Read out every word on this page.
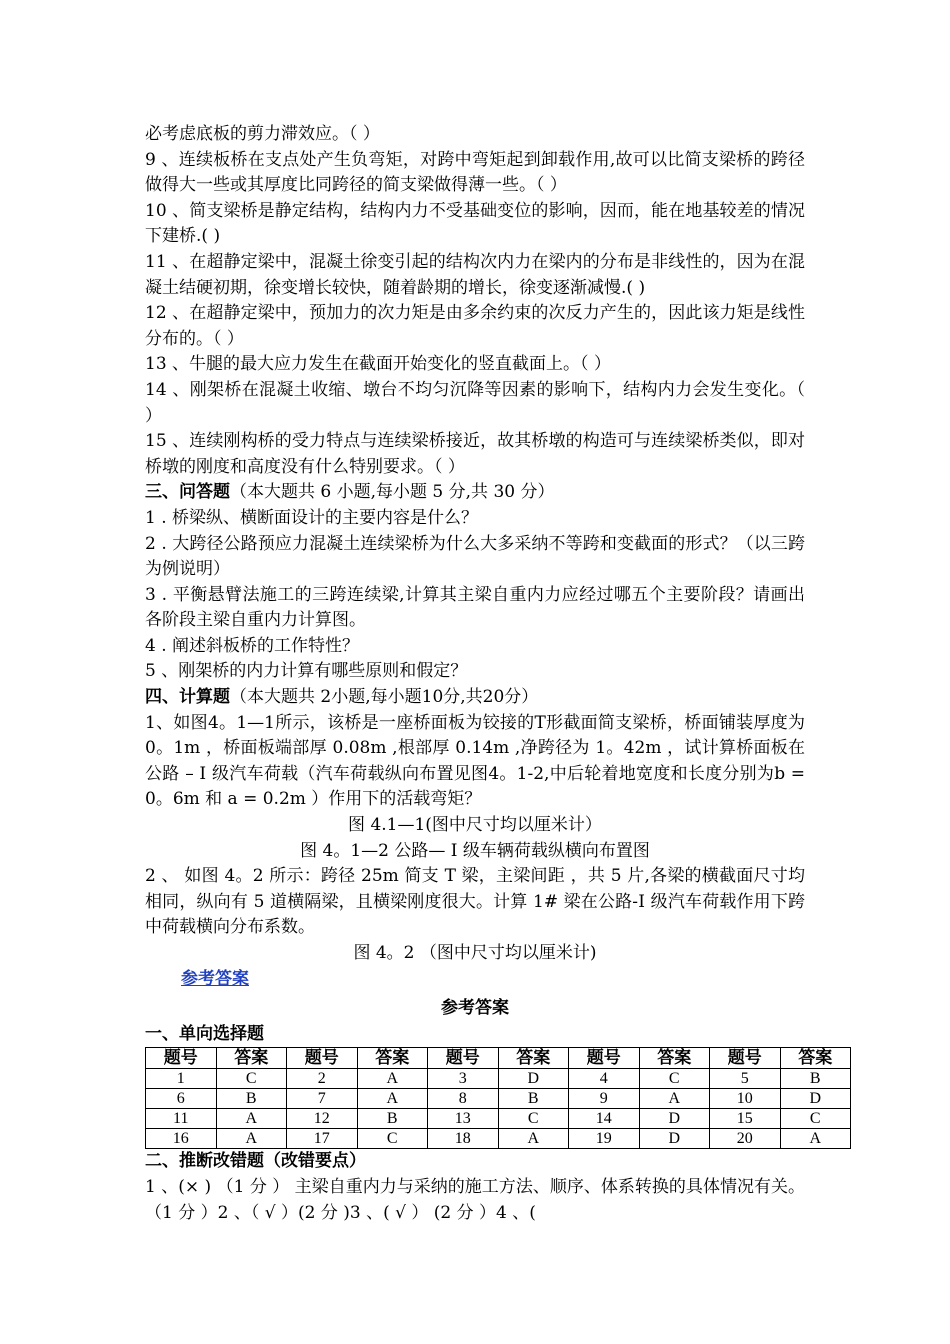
必考虑底板的剪力滞效应。（ ）

9 、连续板桥在支点处产生负弯矩，对跨中弯矩起到卸载作用,故可以比简支梁桥的跨径做得大一些或其厚度比同跨径的简支梁做得薄一些。（ ）

10 、简支梁桥是静定结构，结构内力不受基础变位的影响，因而，能在地基较差的情况下建桥.( )

11 、在超静定梁中，混凝土徐变引起的结构次内力在梁内的分布是非线性的，因为在混凝土结硬初期，徐变增长较快，随着龄期的增长，徐变逐渐减慢.( )

12 、在超静定梁中，预加力的次力矩是由多余约束的次反力产生的，因此该力矩是线性分布的。（ ）

13 、牛腿的最大应力发生在截面开始变化的竖直截面上。（ ）

14 、刚架桥在混凝土收缩、墩台不均匀沉降等因素的影响下，结构内力会发生变化。（ ）

15 、连续刚构桥的受力特点与连续梁桥接近，故其桥墩的构造可与连续梁桥类似，即对桥墩的刚度和高度没有什么特别要求。（ ）

三、问答题（本大题共 6 小题,每小题 5 分,共 30 分）

1 . 桥梁纵、横断面设计的主要内容是什么？

2 . 大跨径公路预应力混凝土连续梁桥为什么大多采纳不等跨和变截面的形式？（以三跨为例说明）

3 . 平衡悬臂法施工的三跨连续梁,计算其主梁自重内力应经过哪五个主要阶段？请画出各阶段主梁自重内力计算图。

4 . 阐述斜板桥的工作特性？

5 、刚架桥的内力计算有哪些原则和假定？

四、计算题（本大题共 2小题,每小题10分,共20分）

1、如图4。1—1所示，该桥是一座桥面板为铰接的T形截面简支梁桥，桥面铺装厚度为 0。1m ，桥面板端部厚 0.08m ,根部厚 0.14m ,净跨径为 1。42m ，试计算桥面板在公路 – Ⅰ 级汽车荷载（汽车荷载纵向布置见图4。1-2,中后轮着地宽度和长度分别为b = 0。6m 和 a = 0.2m ）作用下的活载弯矩？

图 4.1—1(图中尺寸均以厘米计）

图 4。1—2 公路— Ⅰ 级车辆荷载纵横向布置图

2 、 如图 4。2 所示：跨径 25m 简支 T 梁，主梁间距 ，共 5 片,各梁的横截面尺寸均相同，纵向有 5 道横隔梁，且横梁刚度很大。计算 1# 梁在公路-Ⅰ 级汽车荷载作用下跨中荷载横向分布系数。

图 4。2 （图中尺寸均以厘米计)

参考答案

参考答案

一、单向选择题

题号	答案	题号	答案	题号	答案	题号	答案	题号	答案
1	C	2	A	3	D	4	C	5	B
6	B	7	A	8	B	9	A	10	D
11	A	12	B	13	C	14	D	15	C
16	A	17	C	18	A	19	D	20	A

二、推断改错题（改错要点）

1 、(× ) （1 分 ） 主梁自重内力与采纳的施工方法、顺序、体系转换的具体情况有关。 （1 分 ）2 、（ √ ）(2 分 )3 、( √ ） (2 分 ）4 、(
